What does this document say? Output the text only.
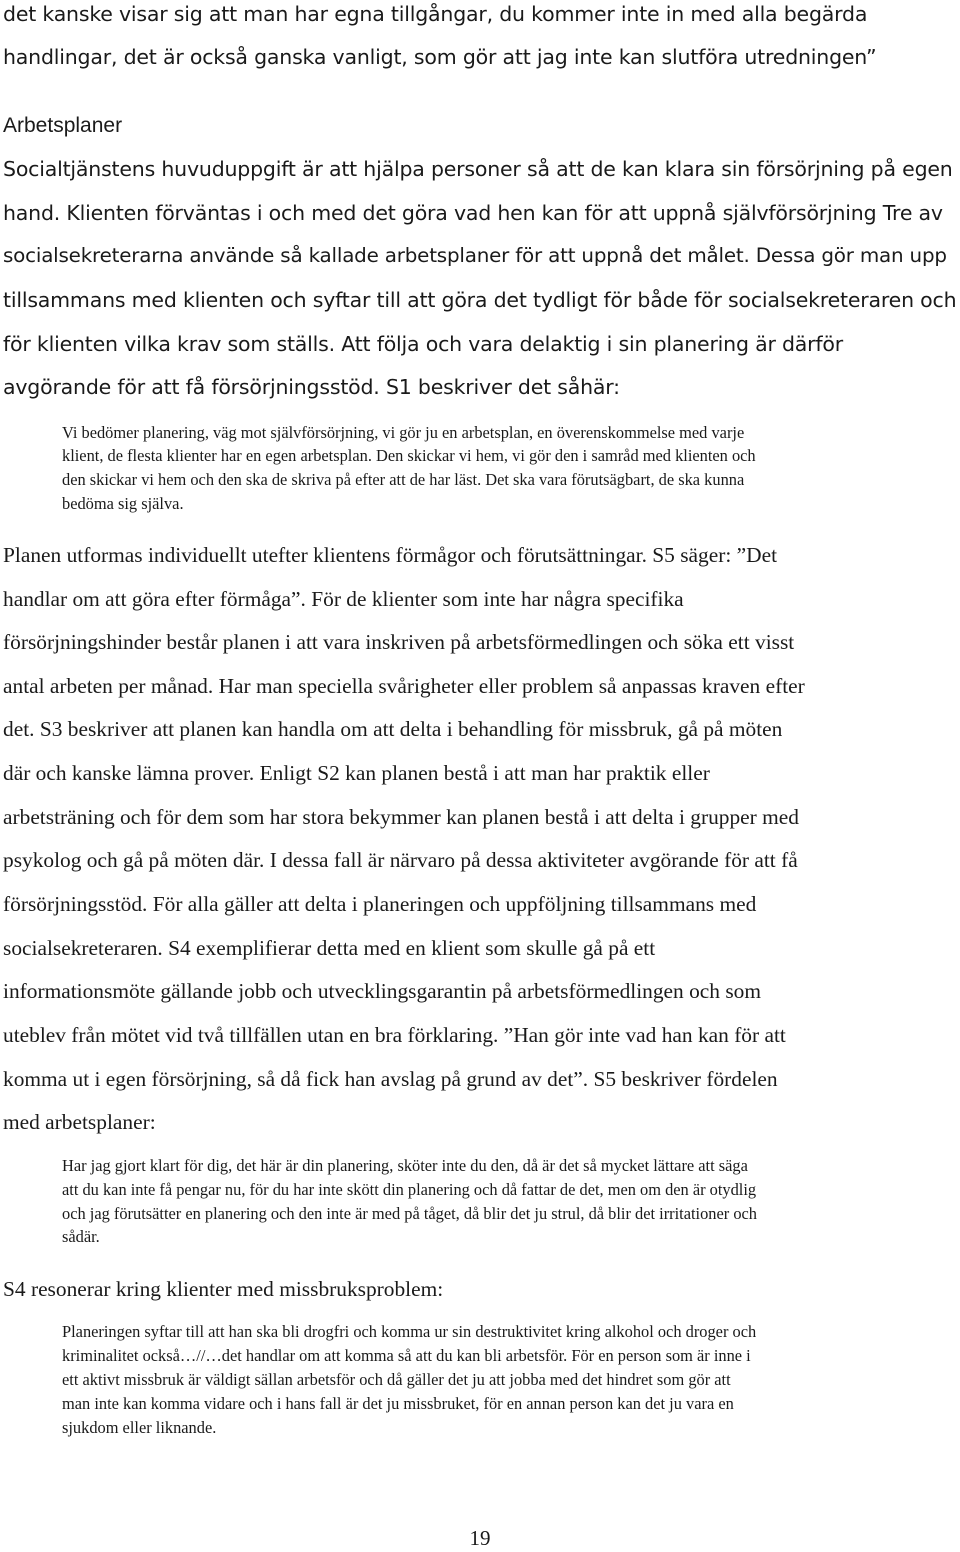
det kanske visar sig att man har egna tillgångar, du kommer inte in med alla begärda

handlingar, det är också ganska vanligt, som gör att jag inte kan slutföra utredningen”

Arbetsplaner

Socialtjänstens huvuduppgift är att hjälpa personer så att de kan klara sin försörjning på egen

hand. Klienten förväntas i och med det göra vad hen kan för att uppnå självförsörjning Tre av

socialsekreterarna använde så kallade arbetsplaner för att uppnå det målet. Dessa gör man upp

tillsammans med klienten och syftar till att göra det tydligt för både för socialsekreteraren och

för klienten vilka krav som ställs. Att följa och vara delaktig i sin planering är därför

avgörande för att få försörjningsstöd. S1 beskriver det såhär:

Vi bedömer planering, väg mot självförsörjning, vi gör ju en arbetsplan, en överenskommelse med varje

klient, de flesta klienter har en egen arbetsplan. Den skickar vi hem, vi gör den i samråd med klienten och

den skickar vi hem och den ska de skriva på efter att de har läst. Det ska vara förutsägbart, de ska kunna

bedöma sig själva.

Planen utformas individuellt utefter klientens förmågor och förutsättningar. S5 säger: ”Det

handlar om att göra efter förmåga”. För de klienter som inte har några specifika

försörjningshinder består planen i att vara inskriven på arbetsförmedlingen och söka ett visst

antal arbeten per månad. Har man speciella svårigheter eller problem så anpassas kraven efter

det. S3 beskriver att planen kan handla om att delta i behandling för missbruk, gå på möten

där och kanske lämna prover. Enligt S2 kan planen bestå i att man har praktik eller

arbetsträning och för dem som har stora bekymmer kan planen bestå i att delta i grupper med

psykolog och gå på möten där. I dessa fall är närvaro på dessa aktiviteter avgörande för att få

försörjningsstöd. För alla gäller att delta i planeringen och uppföljning tillsammans med

socialsekreteraren. S4 exemplifierar detta med en klient som skulle gå på ett

informationsmöte gällande jobb och utvecklingsgarantin på arbetsförmedlingen och som

uteblev från mötet vid två tillfällen utan en bra förklaring. ”Han gör inte vad han kan för att

komma ut i egen försörjning, så då fick han avslag på grund av det”. S5 beskriver fördelen

med arbetsplaner:

Har jag gjort klart för dig, det här är din planering, sköter inte du den, då är det så mycket lättare att säga

att du kan inte få pengar nu, för du har inte skött din planering och då fattar de det, men om den är otydlig

och jag förutsätter en planering och den inte är med på tåget, då blir det ju strul, då blir det irritationer och

sådär.

S4 resonerar kring klienter med missbruksproblem:

Planeringen syftar till att han ska bli drogfri och komma ur sin destruktivitet kring alkohol och droger och

kriminalitet också…//…det handlar om att komma så att du kan bli arbetsför. För en person som är inne i

ett aktivt missbruk är väldigt sällan arbetsför och då gäller det ju att jobba med det hindret som gör att

man inte kan komma vidare och i hans fall är det ju missbruket, för en annan person kan det ju vara en

sjukdom eller liknande.

19
